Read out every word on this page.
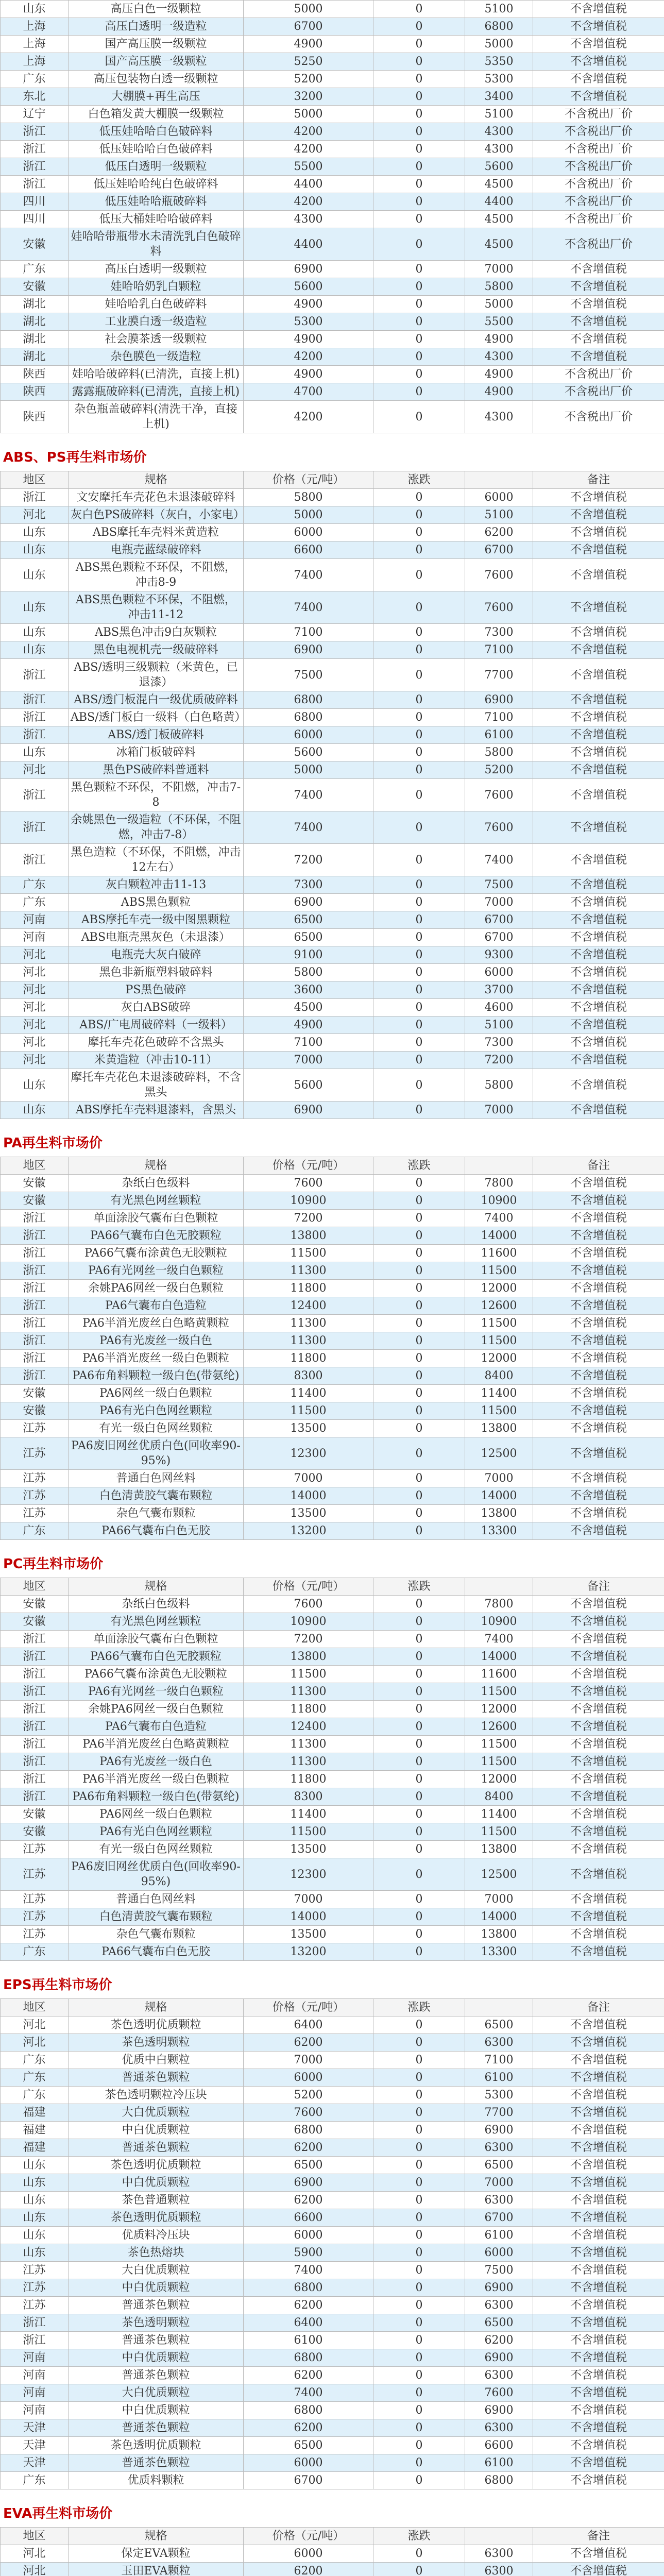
山东	高压白色一级颗粒	5000	0	5100	不含增值税
上海	高压白透明一级造粒	6700	0	6800	不含增值税
上海	国产高压膜一级颗粒	4900	0	5000	不含增值税
上海	国产高压膜一级颗粒	5250	0	5350	不含增值税
广东	高压包装物白透一级颗粒	5200	0	5300	不含增值税
东北	大棚膜+再生高压	3200	0	3400	不含增值税
辽宁	白色箱发黄大棚膜一级颗粒	5000	0	5100	不含税出厂价
浙江	低压娃哈哈白色破碎料	4200	0	4300	不含税出厂价
浙江	低压娃哈哈白色破碎料	4200	0	4300	不含税出厂价
浙江	低压白透明一级颗粒	5500	0	5600	不含税出厂价
浙江	低压娃哈哈纯白色破碎料	4400	0	4500	不含税出厂价
四川	低压娃哈哈瓶破碎料	4200	0	4400	不含税出厂价
四川	低压大桶娃哈哈破碎料	4300	0	4500	不含税出厂价
安徽	娃哈哈带瓶带水未清洗乳白色破碎料	4400	0	4500	不含税出厂价
广东	高压白透明一级颗粒	6900	0	7000	不含增值税
安徽	娃哈哈奶乳白颗粒	5600	0	5800	不含增值税
湖北	娃哈哈乳白色破碎料	4900	0	5000	不含增值税
湖北	工业膜白透一级造粒	5300	0	5500	不含增值税
湖北	社会膜茶透一级颗粒	4900	0	4900	不含增值税
湖北	杂色膜色一级造粒	4200	0	4300	不含增值税
陕西	娃哈哈破碎料(已清洗，直接上机)	4900	0	4900	不含税出厂价
陕西	露露瓶破碎料(已清洗，直接上机)	4700	0	4900	不含税出厂价
陕西	杂色瓶盖破碎料(清洗干净，直接上机)	4200	0	4300	不含税出厂价
ABS、PS再生料市场价
地区	规格	价格（元/吨）	涨跌		备注
浙江	文安摩托车壳花色未退漆破碎料	5800	0	6000	不含增值税
河北	灰白色PS破碎料（灰白，小家电）	5000	0	5100	不含增值税
山东	ABS摩托车壳料米黄造粒	6000	0	6200	不含增值税
山东	电瓶壳蓝绿破碎料	6600	0	6700	不含增值税
山东	ABS黑色颗粒不环保，不阻燃，冲击8-9	7400	0	7600	不含增值税
山东	ABS黑色颗粒不环保，不阻燃，冲击11-12	7400	0	7600	不含增值税
山东	ABS黑色冲击9白灰颗粒	7100	0	7300	不含增值税
山东	黑色电视机壳一级破碎料	6900	0	7100	不含增值税
浙江	ABS/透明三级颗粒（米黄色，已退漆）	7500	0	7700	不含增值税
浙江	ABS/透门板混白一级优质破碎料	6800	0	6900	不含增值税
浙江	ABS/透门板白一级料（白色略黄）	6800	0	7100	不含增值税
浙江	ABS/透门板破碎料	6000	0	6100	不含增值税
山东	冰箱门板破碎料	5600	0	5800	不含增值税
河北	黑色PS破碎料普通料	5000	0	5200	不含增值税
浙江	黑色颗粒不环保，不阻燃，冲击7-8	7400	0	7600	不含增值税
浙江	余姚黑色一级造粒（不环保，不阻燃，冲击7-8）	7400	0	7600	不含增值税
浙江	黑色造粒（不环保，不阻燃，冲击12左右）	7200	0	7400	不含增值税
广东	灰白颗粒冲击11-13	7300	0	7500	不含增值税
广东	ABS黑色颗粒	6900	0	7000	不含增值税
河南	ABS摩托车壳一级中图黑颗粒	6500	0	6700	不含增值税
河南	ABS电瓶壳黑灰色（未退漆）	6500	0	6700	不含增值税
河北	电瓶壳大灰白破碎	9100	0	9300	不含增值税
河北	黑色非新瓶塑料破碎料	5800	0	6000	不含增值税
河北	PS黑色破碎	3600	0	3700	不含增值税
河北	灰白ABS破碎	4500	0	4600	不含增值税
河北	ABS/广电周破碎料（一级料）	4900	0	5100	不含增值税
河北	摩托车壳花色破碎不含黑头	7100	0	7300	不含增值税
河北	米黄造粒（冲击10-11）	7000	0	7200	不含增值税
山东	摩托车壳花色未退漆破碎料，不含黑头	5600	0	5800	不含增值税
山东	ABS摩托车壳料退漆料，含黑头	6900	0	7000	不含增值税
PA再生料市场价
地区	规格	价格（元/吨）	涨跌		备注
安徽	杂纸白色级料	7600	0	7800	不含增值税
安徽	有光黑色网丝颗粒	10900	0	10900	不含增值税
浙江	单面涂胶气囊布白色颗粒	7200	0	7400	不含增值税
浙江	PA66气囊布白色无胶颗粒	13800	0	14000	不含增值税
浙江	PA66气囊布涂黄色无胶颗粒	11500	0	11600	不含增值税
浙江	PA6有光网丝一级白色颗粒	11300	0	11500	不含增值税
浙江	余姚PA6网丝一级白色颗粒	11800	0	12000	不含增值税
浙江	PA6气囊布白色造粒	12400	0	12600	不含增值税
浙江	PA6半消光废丝白色略黄颗粒	11300	0	11500	不含增值税
浙江	PA6有光废丝一级白色	11300	0	11500	不含增值税
浙江	PA6半消光废丝一级白色颗粒	11800	0	12000	不含增值税
浙江	PA6布角料颗粒一级白色(带氨纶)	8300	0	8400	不含增值税
安徽	PA6网丝一级白色颗粒	11400	0	11400	不含增值税
安徽	PA6有光白色网丝颗粒	11500	0	11500	不含增值税
江苏	有光一级白色网丝颗粒	13500	0	13800	不含增值税
江苏	PA6废旧网丝优质白色(回收率90-95%)	12300	0	12500	不含增值税
江苏	普通白色网丝料	7000	0	7000	不含增值税
江苏	白色清黄胶气囊布颗粒	14000	0	14000	不含增值税
江苏	杂色气囊布颗粒	13500	0	13800	不含增值税
广东	PA66气囊布白色无胶	13200	0	13300	不含增值税
PC再生料市场价
地区	规格	价格（元/吨）	涨跌		备注
安徽	杂纸白色级料	7600	0	7800	不含增值税
安徽	有光黑色网丝颗粒	10900	0	10900	不含增值税
浙江	单面涂胶气囊布白色颗粒	7200	0	7400	不含增值税
浙江	PA66气囊布白色无胶颗粒	13800	0	14000	不含增值税
浙江	PA66气囊布涂黄色无胶颗粒	11500	0	11600	不含增值税
浙江	PA6有光网丝一级白色颗粒	11300	0	11500	不含增值税
浙江	余姚PA6网丝一级白色颗粒	11800	0	12000	不含增值税
浙江	PA6气囊布白色造粒	12400	0	12600	不含增值税
浙江	PA6半消光废丝白色略黄颗粒	11300	0	11500	不含增值税
浙江	PA6有光废丝一级白色	11300	0	11500	不含增值税
浙江	PA6半消光废丝一级白色颗粒	11800	0	12000	不含增值税
浙江	PA6布角料颗粒一级白色(带氨纶)	8300	0	8400	不含增值税
安徽	PA6网丝一级白色颗粒	11400	0	11400	不含增值税
安徽	PA6有光白色网丝颗粒	11500	0	11500	不含增值税
江苏	有光一级白色网丝颗粒	13500	0	13800	不含增值税
江苏	PA6废旧网丝优质白色(回收率90-95%)	12300	0	12500	不含增值税
江苏	普通白色网丝料	7000	0	7000	不含增值税
江苏	白色清黄胶气囊布颗粒	14000	0	14000	不含增值税
江苏	杂色气囊布颗粒	13500	0	13800	不含增值税
广东	PA66气囊布白色无胶	13200	0	13300	不含增值税
EPS再生料市场价
地区	规格	价格（元/吨）	涨跌		备注
河北	茶色透明优质颗粒	6400	0	6500	不含增值税
河北	茶色透明颗粒	6200	0	6300	不含增值税
广东	优质中白颗粒	7000	0	7100	不含增值税
广东	普通茶色颗粒	6000	0	6100	不含增值税
广东	茶色透明颗粒冷压块	5200	0	5300	不含增值税
福建	大白优质颗粒	7600	0	7700	不含增值税
福建	中白优质颗粒	6800	0	6900	不含增值税
福建	普通茶色颗粒	6200	0	6300	不含增值税
山东	茶色透明优质颗粒	6500	0	6500	不含增值税
山东	中白优质颗粒	6900	0	7000	不含增值税
山东	茶色普通颗粒	6200	0	6300	不含增值税
山东	茶色透明优质颗粒	6600	0	6700	不含增值税
山东	优质料冷压块	6000	0	6100	不含增值税
山东	茶色热熔块	5900	0	6000	不含增值税
江苏	大白优质颗粒	7400	0	7500	不含增值税
江苏	中白优质颗粒	6800	0	6900	不含增值税
江苏	普通茶色颗粒	6200	0	6300	不含增值税
浙江	茶色透明颗粒	6400	0	6500	不含增值税
浙江	普通茶色颗粒	6100	0	6200	不含增值税
河南	中白优质颗粒	6800	0	6900	不含增值税
河南	普通茶色颗粒	6200	0	6300	不含增值税
河南	大白优质颗粒	7400	0	7600	不含增值税
河南	中白优质颗粒	6800	0	6900	不含增值税
天津	普通茶色颗粒	6200	0	6300	不含增值税
天津	茶色透明优质颗粒	6500	0	6600	不含增值税
天津	普通茶色颗粒	6000	0	6100	不含增值税
广东	优质料颗粒	6700	0	6800	不含增值税
EVA再生料市场价
地区	规格	价格（元/吨）	涨跌		备注
河北	保定EVA颗粒	6000	0	6300	不含增值税
河北	玉田EVA颗粒	6200	0	6300	不含增值税
